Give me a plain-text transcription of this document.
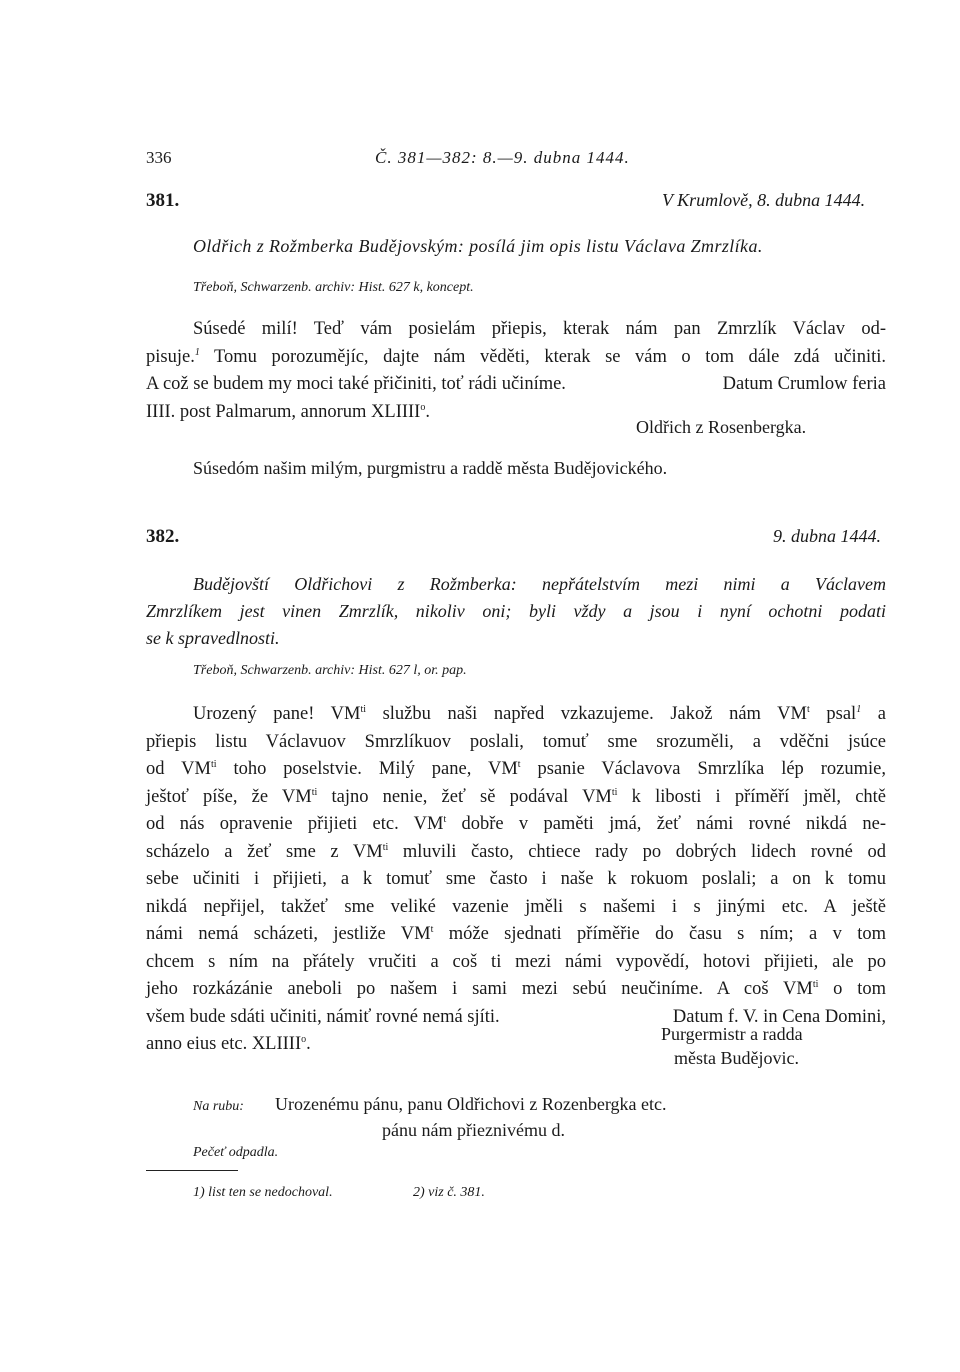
336	Č. 381—382: 8.—9. dubna 1444.
381.	V Krumlově, 8. dubna 1444.
Oldřich z Rožmberka Budějovským: posílá jim opis listu Václava Zmrzlíka.
Třeboň, Schwarzenb. archiv: Hist. 627 k, koncept.
Súsedé milí! Teď vám posielám přiepis, kterak nám pan Zmrzlík Václav od-
pisuje.$^1$ Tomu porozumějíc, dajte nám věděti, kterak se vám o tom dále zdá učiniti.
A což se budem my moci také přičiniti, toť rádi učiníme.	Datum Crumlow feria
IIII. post Palmarum, annorum XLIIII$^o$.
Oldřich z Rosenbergka.
Súsedóm našim milým, purgmistru a raddě města Budějovického.
382.	9. dubna 1444.
Budějovští Oldřichovi z Rožmberka: nepřátelstvím mezi nimi a Václavem
Zmrzlíkem jest vinen Zmrzlík, nikoliv oni; byli vždy a jsou i nyní ochotni podati
se k spravedlnosti.
Třeboň, Schwarzenb. archiv: Hist. 627 l, or. pap.
Urozený pane! $VM^{ti}$ službu naši napřed vzkazujeme. Jakož nám $VM^t$ psal$^1$ a
přiepis listu Václavuov Smrzlíkuov poslali, tomuť sme srozuměli, a vděčni jsúce
od $VM^{ti}$ toho poselstvie. Milý pane, $VM^t$ psanie Václavova Smrzlíka lép rozumie,
ještoť píše, že $VM^{ti}$ tajno nenie, žeť sě podával $VM^{ti}$ k libosti i příměří jměl, chtě
od nás opravenie přijieti etc. $VM^t$ dobře v paměti jmá, žeť námi rovné nikdá ne-
scházelo a žeť sme z $VM^{ti}$ mluvili často, chtiece rady po dobrých lidech rovné od
sebe učiniti i přijieti, a k tomuť sme často i naše k rokuom poslali; a on k tomu
nikdá nepřijel, takžeť sme veliké vazenie jměli s našemi i s jinými etc. A ještě
námi nemá scházeti, jestliže $VM^t$ móže sjednati příměřie do času s ním; a v tom
chcem s ním na přátely vručiti a coš ti mezi námi vypovědí, hotovi přijieti, ale po
jeho rozkázánie aneboli po našem i sami mezi sebú neučiníme. A coš $VM^{ti}$ o tom
všem bude sdáti učiniti, námiť rovné nemá sjíti.	Datum f. V. in Cena Domini,
anno eius etc. XLIIII$^o$.	Purgermistr a radda
města Budějovic.
Na rubu: Urozenému pánu, panu Oldřichovi z Rozenbergka etc.
pánu nám přieznivému d.
Pečeť odpadla.
1) list ten se nedochoval.	2) viz č. 381.
